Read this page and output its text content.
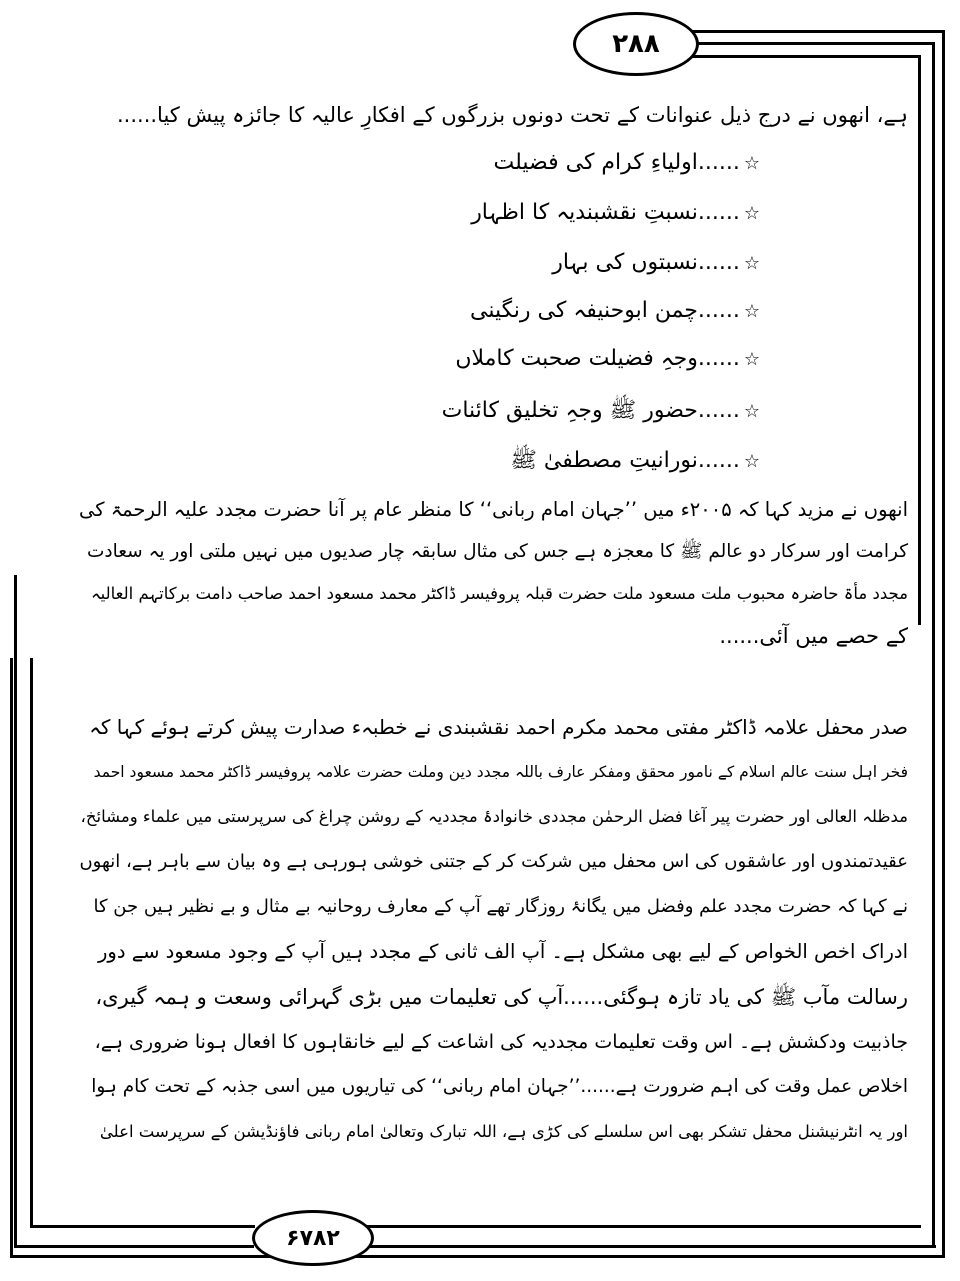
۲۸۸
۶۷۸۲
ہے، انھوں نے درج ذیل عنوانات کے تحت دونوں بزرگوں کے افکارِ عالیہ کا جائزہ پیش کیا......
☆......اولیاءِ کرام کی فضیلت
☆......نسبتِ نقشبندیہ کا اظہار
☆......نسبتوں کی بہار
☆......چمن ابوحنیفہ کی رنگینی
☆......وجہِ فضیلت صحبت کاملاں
☆......حضور ﷺ وجہِ تخلیق کائنات
☆......نورانیتِ مصطفیٰ ﷺ
انھوں نے مزید کہا کہ ۲۰۰۵ء میں ’’جہان امام ربانی‘‘ کا منظر عام پر آنا حضرت مجدد علیہ الرحمۃ کی
کرامت اور سرکار دو عالم ﷺ کا معجزہ ہے جس کی مثال سابقہ چار صدیوں میں نہیں ملتی اور یہ سعادت
مجدد مأۃ حاضرہ محبوب ملت مسعود ملت حضرت قبلہ پروفیسر ڈاکٹر محمد مسعود احمد صاحب دامت برکاتہم العالیہ
کے حصے میں آئی......
صدر محفل علامہ ڈاکٹر مفتی محمد مکرم احمد نقشبندی نے خطبہء صدارت پیش کرتے ہوئے کہا کہ
فخر اہل سنت عالم اسلام کے نامور محقق ومفکر عارف باللہ مجدد دین وملت حضرت علامہ پروفیسر ڈاکٹر محمد مسعود احمد
مدظلہ العالی اور حضرت پیر آغا فضل الرحمٰن مجددی خانوادۂ مجددیہ کے روشن چراغ کی سرپرستی میں علماء ومشائخ،
عقیدتمندوں اور عاشقوں کی اس محفل میں شرکت کر کے جتنی خوشی ہورہی ہے وہ بیان سے باہر ہے، انھوں
نے کہا کہ حضرت مجدد علم وفضل میں یگانۂ روزگار تھے آپ کے معارف روحانیہ بے مثال و بے نظیر ہیں جن کا
ادراک اخص الخواص کے لیے بھی مشکل ہے۔ آپ الف ثانی کے مجدد ہیں آپ کے وجود مسعود سے دور
رسالت مآب ﷺ کی یاد تازہ ہوگئی......آپ کی تعلیمات میں بڑی گہرائی وسعت و ہمہ گیری،
جاذبیت ودکشش ہے۔ اس وقت تعلیمات مجددیہ کی اشاعت کے لیے خانقاہوں کا افعال ہونا ضروری ہے،
اخلاص عمل وقت کی اہم ضرورت ہے......’’جہان امام ربانی‘‘ کی تیاریوں میں اسی جذبہ کے تحت کام ہوا
اور یہ انٹرنیشنل محفل تشکر بھی اس سلسلے کی کڑی ہے، اللہ تبارک وتعالیٰ امام ربانی فاؤنڈیشن کے سرپرست اعلیٰ
